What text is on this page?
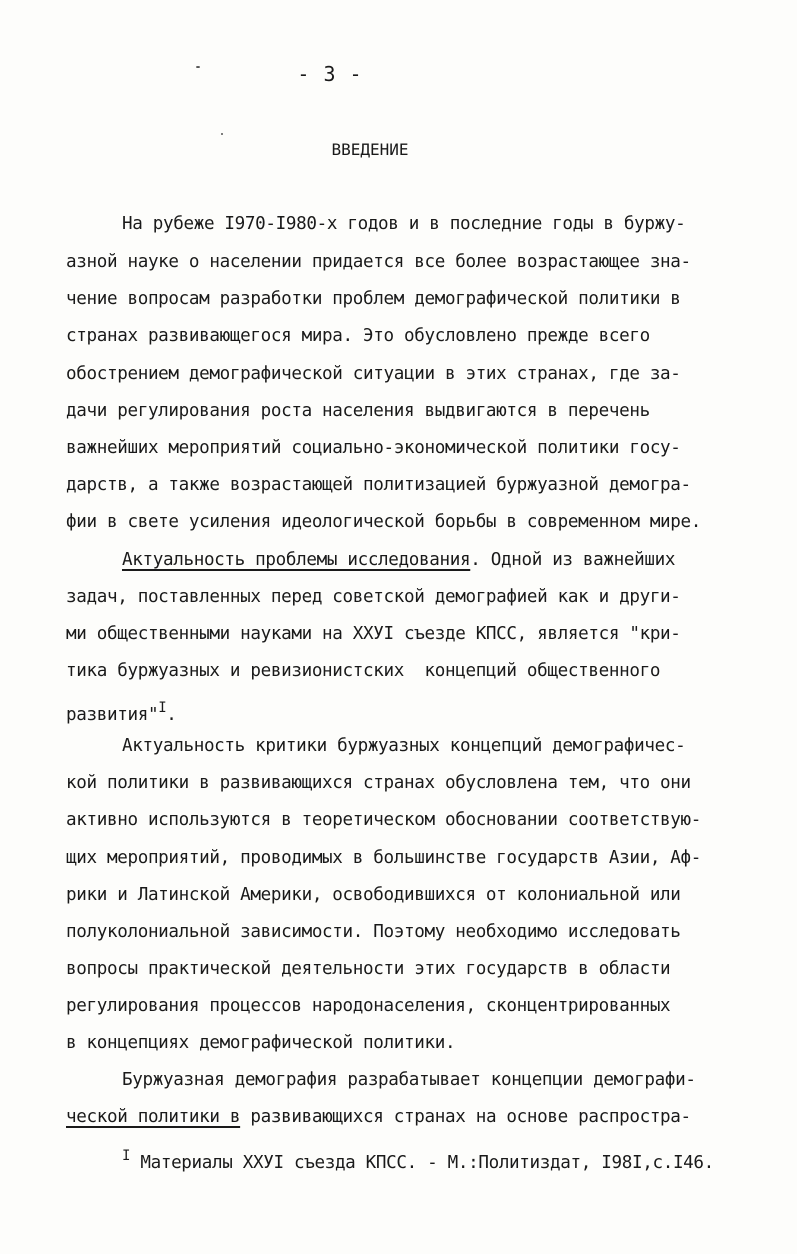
- 3 -
ВВЕДЕНИЕ
На рубеже I970-I980-х годов и в последние годы в буржу-
азной науке о населении придается все более возрастающее зна-
чение вопросам разработки проблем демографической политики в
странах развивающегося мира. Это обусловлено прежде всего
обострением демографической ситуации в этих странах, где за-
дачи регулирования роста населения выдвигаются в перечень
важнейших мероприятий социально-экономической политики госу-
дарств, а также возрастающей политизацией буржуазной демогра-
фии в свете усиления идеологической борьбы в современном мире.
Актуальность проблемы исследования. Одной из важнейших
задач, поставленных перед советской демографией как и други-
ми общественными науками на ХХУI съезде КПСС, является "кри-
тика буржуазных и ревизионистских  концепций общественного
развития"$^I$.
Актуальность критики буржуазных концепций демографичес-
кой политики в развивающихся странах обусловлена тем, что они
активно используются в теоретическом обосновании соответствую-
щих мероприятий, проводимых в большинстве государств Азии, Аф-
рики и Латинской Америки, освободившихся от колониальной или
полуколониальной зависимости. Поэтому необходимо исследовать
вопросы практической деятельности этих государств в области
регулирования процессов народонаселения, сконцентрированных
в концепциях демографической политики.
Буржуазная демография разрабатывает концепции демографи-
ческой политики в развивающихся странах на основе распростра-
$^I$ Материалы ХХУI съезда КПСС. - М.:Политиздат, I98I,с.I46.
